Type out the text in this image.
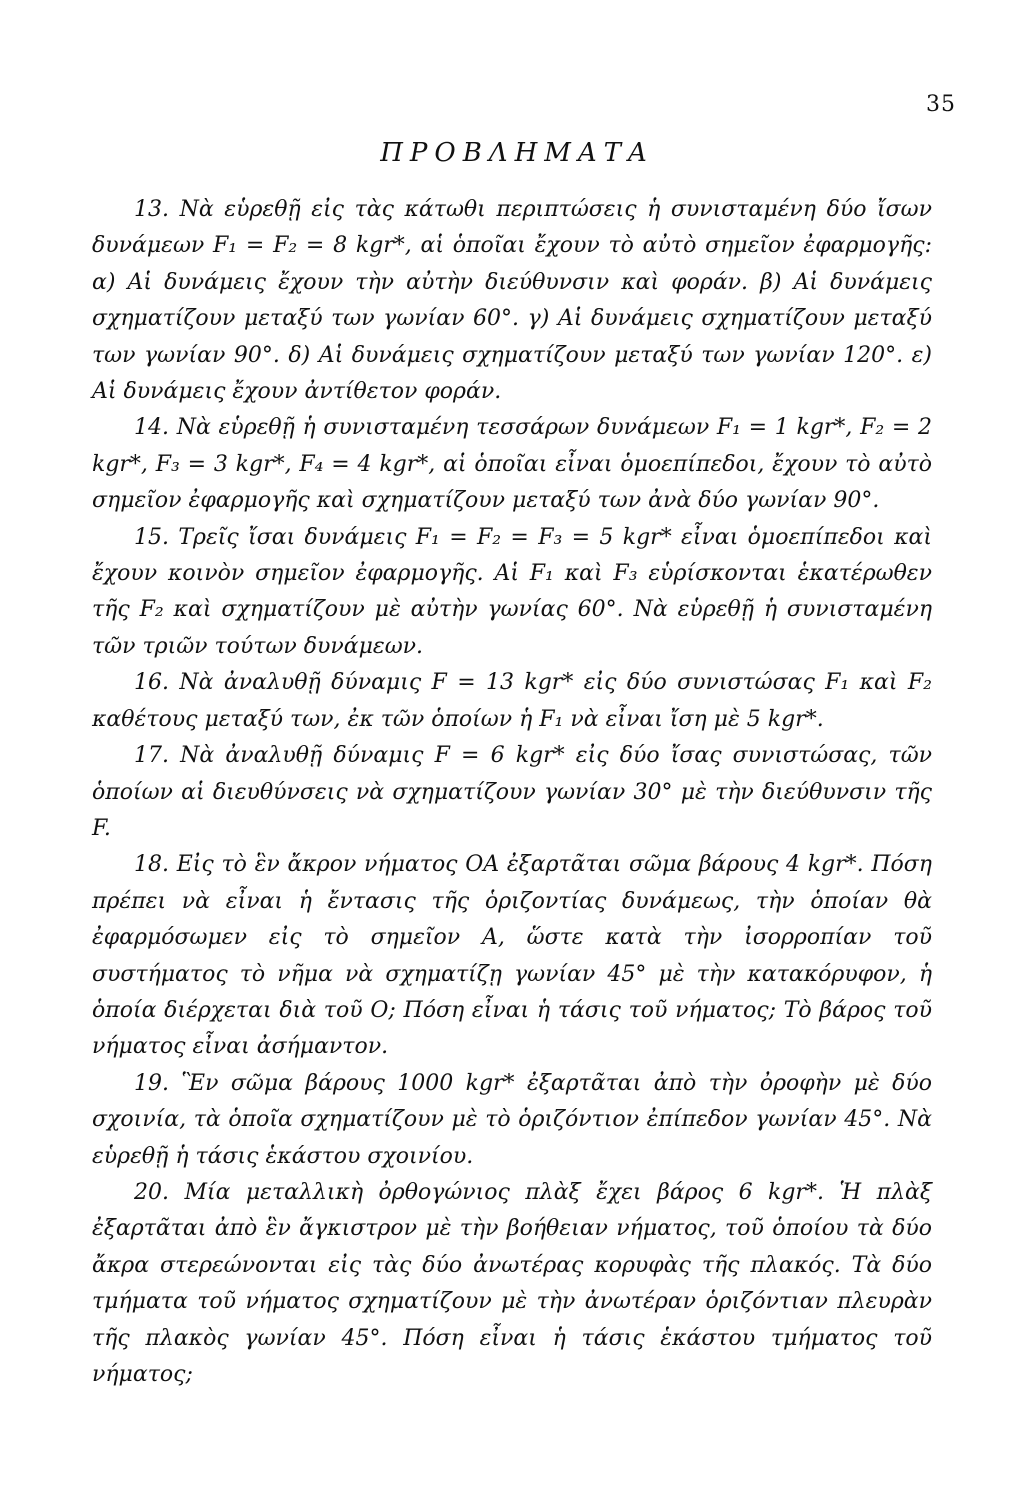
35
ΠΡΟΒΛΗΜΑΤΑ

13. Νὰ εὑρεθῇ εἰς τὰς κάτωθι περιπτώσεις ἡ συνισταμένη δύο ἴσων δυνάμεων F₁ = F₂ = 8 kgr*, αἱ ὁποῖαι ἔχουν τὸ αὐτὸ σημεῖον ἐφαρμογῆς: α) Αἱ δυνάμεις ἔχουν τὴν αὐτὴν διεύθυνσιν καὶ φοράν. β) Αἱ δυνάμεις σχηματίζουν μεταξύ των γωνίαν 60°. γ) Αἱ δυνάμεις σχηματίζουν μεταξύ των γωνίαν 90°. δ) Αἱ δυνάμεις σχηματίζουν μεταξύ των γωνίαν 120°. ε) Αἱ δυνάμεις ἔχουν ἀντίθετον φοράν.

14. Νὰ εὑρεθῇ ἡ συνισταμένη τεσσάρων δυνάμεων F₁ = 1 kgr*, F₂ = 2 kgr*, F₃ = 3 kgr*, F₄ = 4 kgr*, αἱ ὁποῖαι εἶναι ὁμοεπίπεδοι, ἔχουν τὸ αὐτὸ σημεῖον ἐφαρμογῆς καὶ σχηματίζουν μεταξύ των ἀνὰ δύο γωνίαν 90°.

15. Τρεῖς ἴσαι δυνάμεις F₁ = F₂ = F₃ = 5 kgr* εἶναι ὁμοεπίπεδοι καὶ ἔχουν κοινὸν σημεῖον ἐφαρμογῆς. Αἱ F₁ καὶ F₃ εὑρίσκονται ἑκατέρωθεν τῆς F₂ καὶ σχηματίζουν μὲ αὐτὴν γωνίας 60°. Νὰ εὑρεθῇ ἡ συνισταμένη τῶν τριῶν τούτων δυνάμεων.

16. Νὰ ἀναλυθῇ δύναμις F = 13 kgr* εἰς δύο συνιστώσας F₁ καὶ F₂ καθέτους μεταξύ των, ἐκ τῶν ὁποίων ἡ F₁ νὰ εἶναι ἴση μὲ 5 kgr*.

17. Νὰ ἀναλυθῇ δύναμις F = 6 kgr* εἰς δύο ἴσας συνιστώσας, τῶν ὁποίων αἱ διευθύνσεις νὰ σχηματίζουν γωνίαν 30° μὲ τὴν διεύθυνσιν τῆς F.

18. Εἰς τὸ ἓν ἄκρον νήματος ΟΑ ἐξαρτᾶται σῶμα βάρους 4 kgr*. Πόση πρέπει νὰ εἶναι ἡ ἔντασις τῆς ὁριζοντίας δυνάμεως, τὴν ὁποίαν θὰ ἐφαρμόσωμεν εἰς τὸ σημεῖον Α, ὥστε κατὰ τὴν ἰσορροπίαν τοῦ συστήματος τὸ νῆμα νὰ σχηματίζῃ γωνίαν 45° μὲ τὴν κατακόρυφον, ἡ ὁποία διέρχεται διὰ τοῦ Ο; Πόση εἶναι ἡ τάσις τοῦ νήματος; Τὸ βάρος τοῦ νήματος εἶναι ἀσήμαντον.

19. Ἓν σῶμα βάρους 1000 kgr* ἐξαρτᾶται ἀπὸ τὴν ὀροφὴν μὲ δύο σχοινία, τὰ ὁποῖα σχηματίζουν μὲ τὸ ὁριζόντιον ἐπίπεδον γωνίαν 45°. Νὰ εὑρεθῇ ἡ τάσις ἑκάστου σχοινίου.

20. Μία μεταλλικὴ ὀρθογώνιος πλὰξ ἔχει βάρος 6 kgr*. Ἡ πλὰξ ἐξαρτᾶται ἀπὸ ἓν ἄγκιστρον μὲ τὴν βοήθειαν νήματος, τοῦ ὁποίου τὰ δύο ἄκρα στερεώνονται εἰς τὰς δύο ἀνωτέρας κορυφὰς τῆς πλακός. Τὰ δύο τμήματα τοῦ νήματος σχηματίζουν μὲ τὴν ἀνωτέραν ὁριζόντιαν πλευρὰν τῆς πλακὸς γωνίαν 45°. Πόση εἶναι ἡ τάσις ἑκάστου τμήματος τοῦ νήματος;
